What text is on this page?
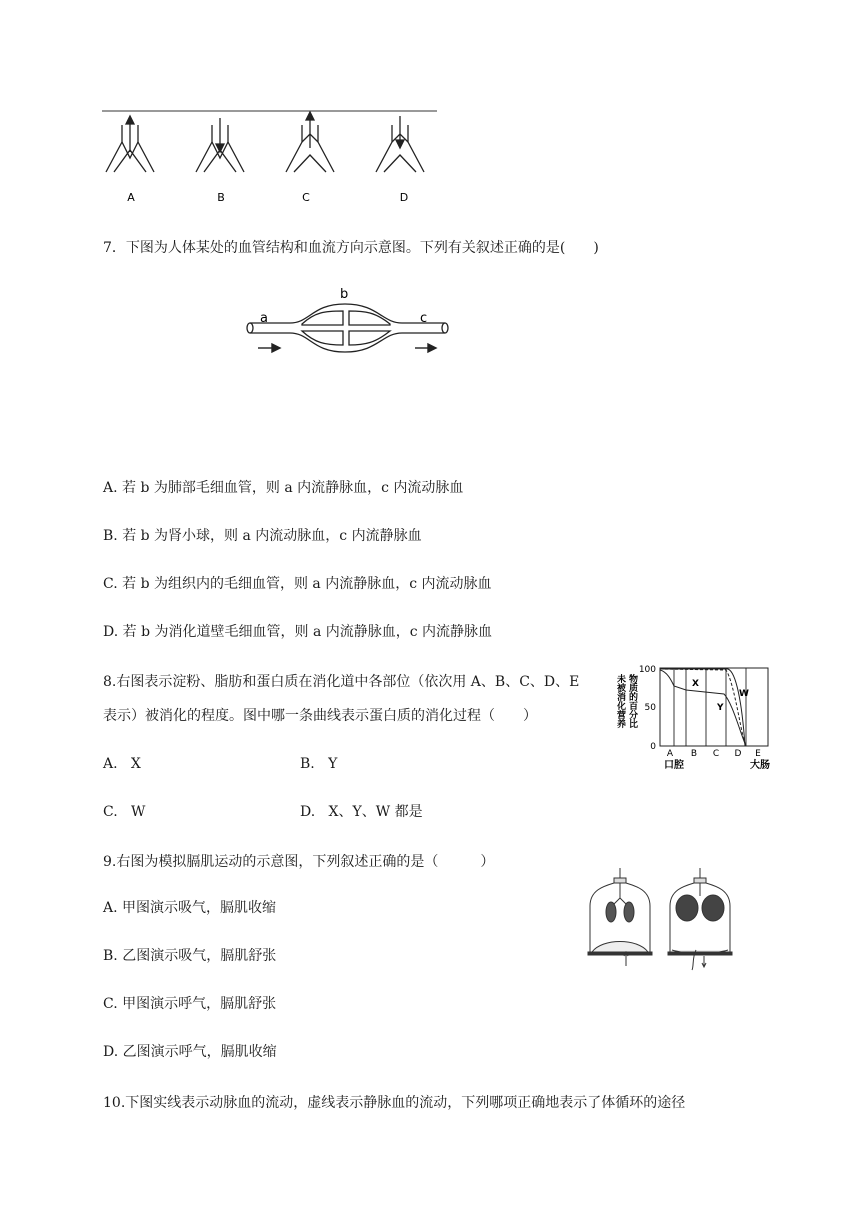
A	B	C	D
7．下图为人体某处的血管结构和血流方向示意图。下列有关叙述正确的是(　　)
a
b
c
A. 若 b 为肺部毛细血管，则 a 内流静脉血，c 内流动脉血
B. 若 b 为肾小球，则 a 内流动脉血，c 内流静脉血
C. 若 b 为组织内的毛细血管，则 a 内流静脉血，c 内流动脉血
D. 若 b 为消化道壁毛细血管，则 a 内流静脉血，c 内流静脉血
8.右图表示淀粉、脂肪和蛋白质在消化道中各部位（依次用 A、B、C、D、E
表示）被消化的程度。图中哪一条曲线表示蛋白质的消化过程（　　）
A. X	B. Y
C. W	D. X、Y、W 都是
未被消化营养 物质的百分比
100
50
0
A B C D E
口腔	大肠
X
Y
W
9.右图为模拟膈肌运动的示意图，下列叙述正确的是（　　　）
A. 甲图演示吸气，膈肌收缩
B. 乙图演示吸气，膈肌舒张
C. 甲图演示呼气，膈肌舒张
D. 乙图演示呼气，膈肌收缩
10.下图实线表示动脉血的流动，虚线表示静脉血的流动，下列哪项正确地表示了体循环的途径
